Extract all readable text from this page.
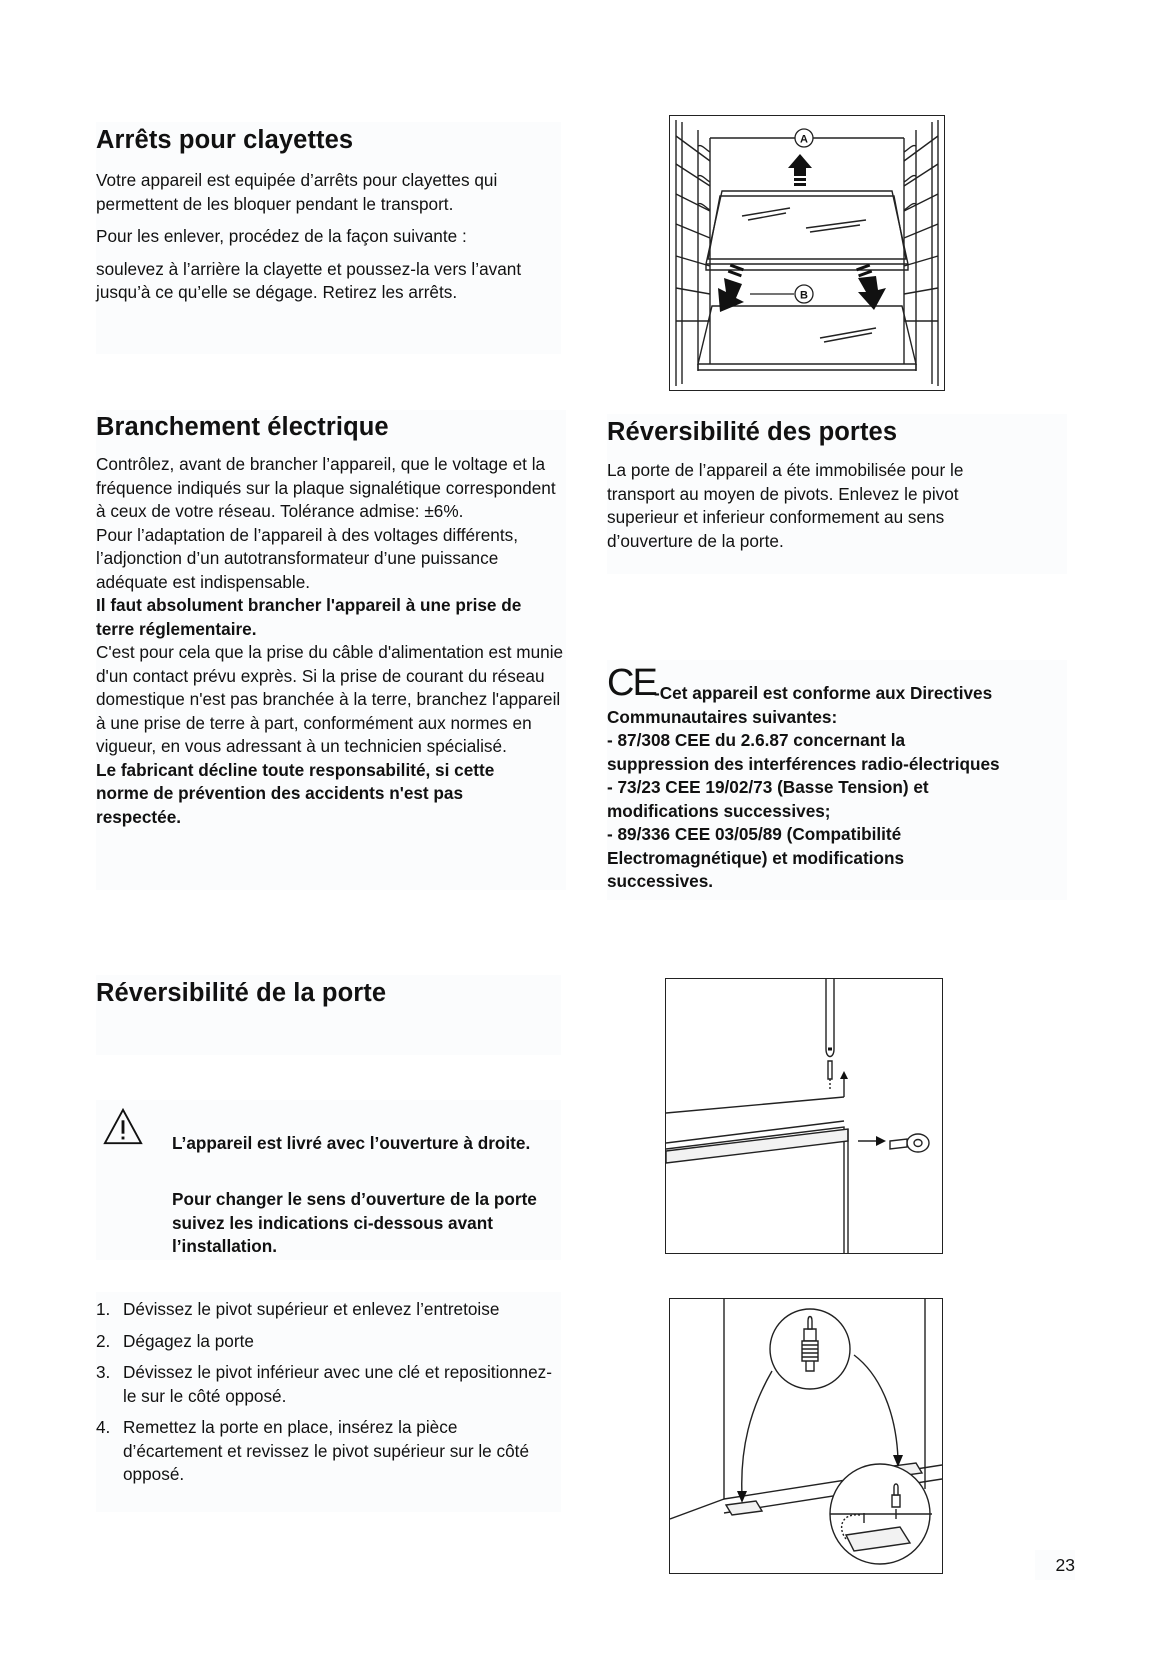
Arrêts pour clayettes

Votre appareil est equipée d’arrêts pour clayettes qui permettent de les bloquer pendant le transport.

Pour les enlever, procédez de la façon suivante :

soulevez à l’arrière la clayette et poussez-la vers l’avant jusqu’à ce qu’elle se dégage. Retirez les arrêts.

A
B
Branchement électrique

Contrôlez, avant de brancher l’appareil, que le voltage et la fréquence indiqués sur la plaque signalétique correspondent à ceux de votre réseau. Tolérance admise: ±6%.

Pour l’adaptation de l’appareil à des voltages différents, l’adjonction d’un autotransformateur d’une puissance adéquate est indispensable.

Il faut absolument brancher l'appareil à une prise de terre réglementaire.

C'est pour cela que la prise du câble d'alimentation est munie d'un contact prévu exprès. Si la prise de courant du réseau domestique n'est pas branchée à la terre, branchez l'appareil à une prise de terre à part, conformément aux normes en vigueur, en vous adressant à un technicien spécialisé.

Le fabricant décline toute responsabilité, si cette norme de prévention des accidents n'est pas respectée.

Réversibilité des portes

La porte de l’appareil a éte immobilisée pour le transport au moyen de pivots. Enlevez le pivot superieur et inferieur conformement au sens d’ouverture de la porte.

CE

-Cet appareil est conforme aux Directives

Communautaires suivantes:

- 87/308 CEE du 2.6.87 concernant la

suppression des interférences radio-électriques

- 73/23 CEE 19/02/73 (Basse Tension) et

modifications successives;

- 89/336 CEE 03/05/89 (Compatibilité

Electromagnétique) et modifications

successives.

Réversibilité de la porte

L’appareil est livré avec l’ouverture à droite.

Pour changer le sens d’ouverture de la porte suivez les indications ci-dessous avant l’installation.

1. Dévissez le pivot supérieur et enlevez l’entretoise
2. Dégagez la porte
3. Dévissez le pivot inférieur avec une clé et repositionnez-le sur le côté opposé.
4. Remettez la porte en place, insérez la pièce d’écartement et revissez le pivot supérieur sur le côté opposé.

23
